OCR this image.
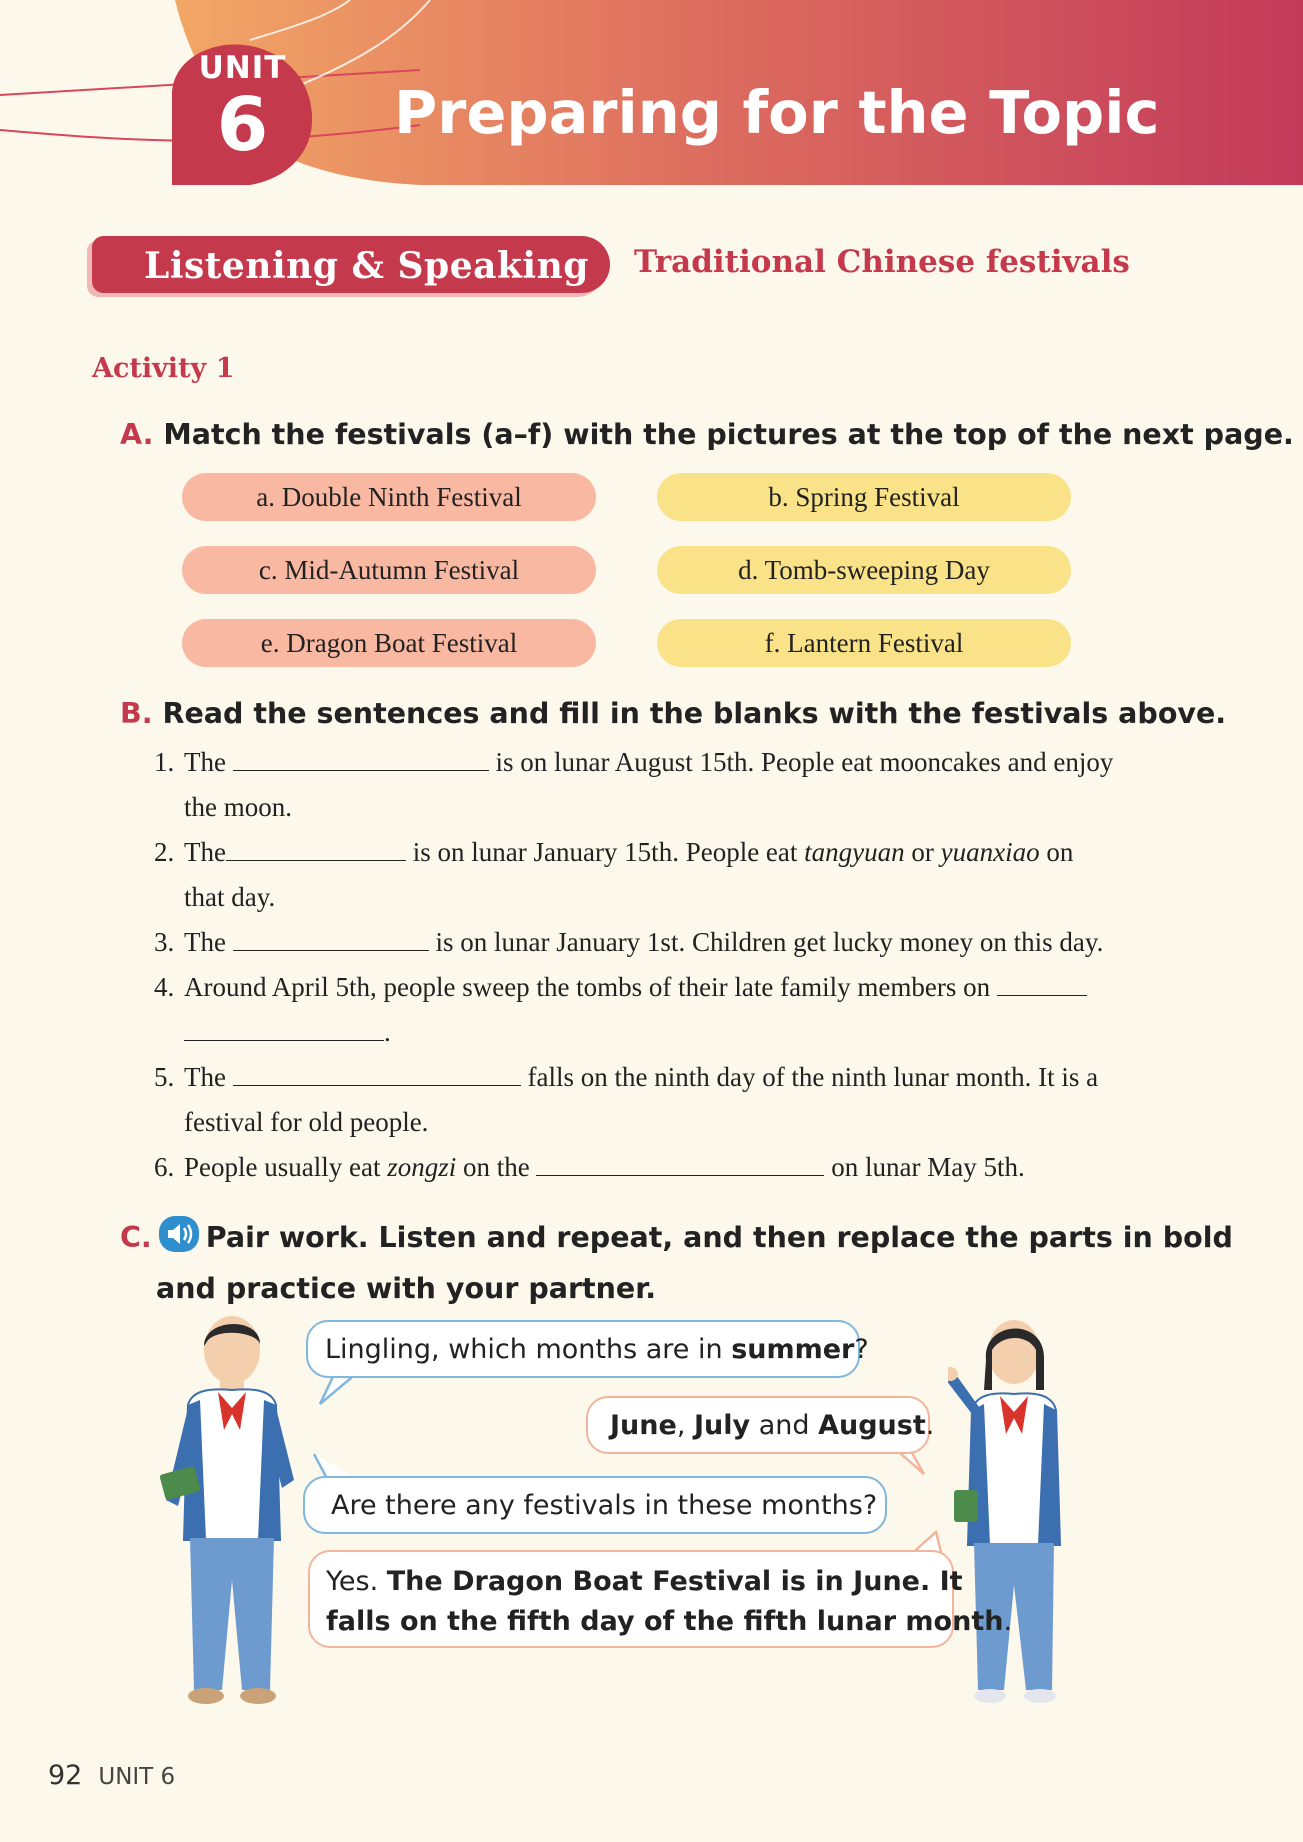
UNIT
6	Preparing for the Topic
Listening & Speaking Traditional Chinese festivals
Activity 1
A. Match the festivals (a–f) with the pictures at the top of the next page.
a. Double Ninth Festival	b. Spring Festival
c. Mid-Autumn Festival	d. Tomb-sweeping Day
e. Dragon Boat Festival	f. Lantern Festival
B. Read the sentences and fill in the blanks with the festivals above.
1. The	is on lunar August 15th. People eat mooncakes and enjoy
the moon.
2. The	is on lunar January 15th. People eat tangyuan or yuanxiao on
that day.
3. The	is on lunar January 1st. Children get lucky money on this day.
4. Around April 5th, people sweep the tombs of their late family members on
.
5. The	falls on the ninth day of the ninth lunar month. It is a
festival for old people.
6. People usually eat zongzi on the	on lunar May 5th.
C. Pair work. Listen and repeat, and then replace the parts in bold
and practice with your partner.
Lingling, which months are in summer?
June, July and August.
Are there any festivals in these months?
Yes. The Dragon Boat Festival is in June. It
falls on the fifth day of the fifth lunar month.
92 UNIT 6
